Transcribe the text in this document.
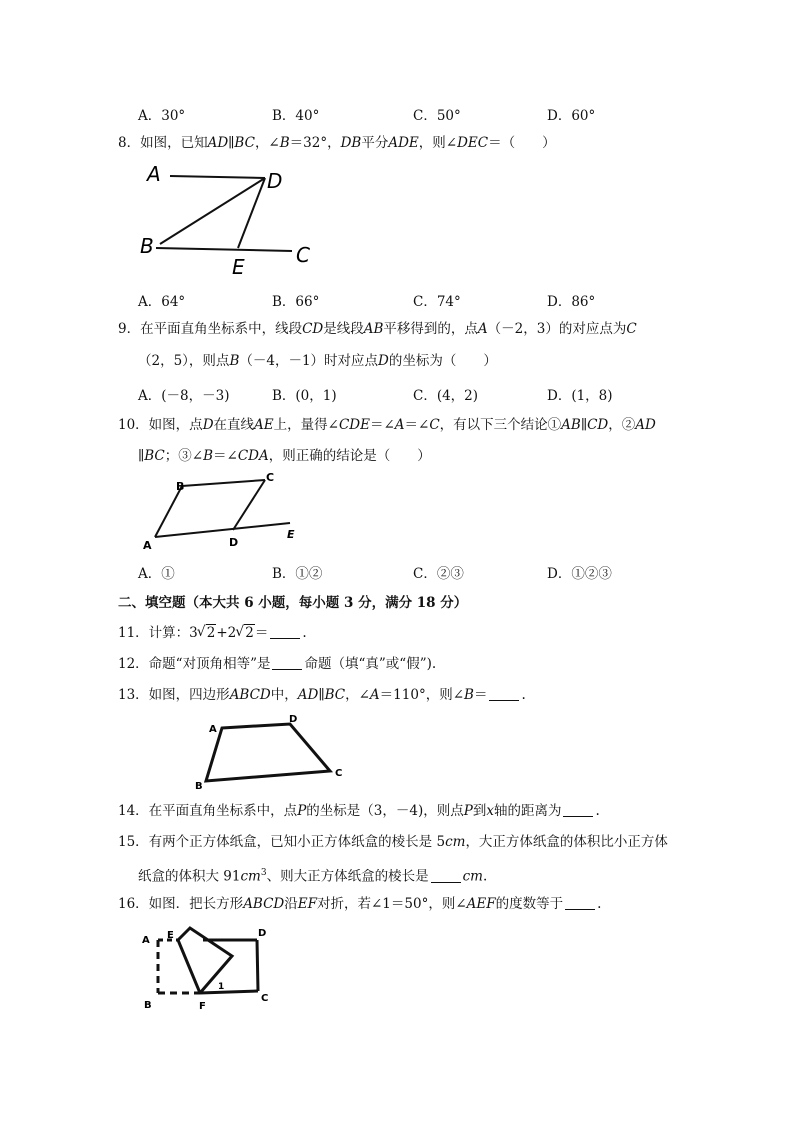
A．30°	B．40°	C．50°	D．60°
8．如图，已知AD∥BC，∠B＝32°，DB平分ADE，则∠DEC＝（　　）
A	D
B
E	C
A．64°	B．66°	C．74°	D．86°
9．在平面直角坐标系中，线段CD是线段AB平移得到的，点A（－2，3）的对应点为C
（2，5），则点B（－4，－1）时对应点D的坐标为（　　）
A．(－8，－3)	B．(0，1)	C．(4，2)	D．(1，8)
10．如图，点D在直线AE上，量得∠CDE＝∠A＝∠C，有以下三个结论①AB∥CD，②AD
∥BC；③∠B＝∠CDA，则正确的结论是（　　）
B
C
A	D
E
A．①	B．①②	C．②③	D．①②③
二、填空题（本大共 6 小题，每小题 3 分，满分 18 分）
11．计算：3 √ 2+2 √ 2＝	.
12．命题“对顶角相等”是	命题（填“真”或“假”).
13．如图，四边形ABCD中，AD∥BC，∠A＝110°，则∠B＝	.
A
D
B
C
14．在平面直角坐标系中，点P的坐标是（3，－4)，则点P到x轴的距离为	.
15．有两个正方体纸盒，已知小正方体纸盒的棱长是 5cm，大正方体纸盒的体积比小正方体
纸盒的体积大 $91cm^3$、则大正方体纸盒的棱长是	cm.
16．如图．把长方形ABCD沿EF对折，若∠1＝50°，则∠AEF的度数等于	.
A E	D
B	F
C
1
